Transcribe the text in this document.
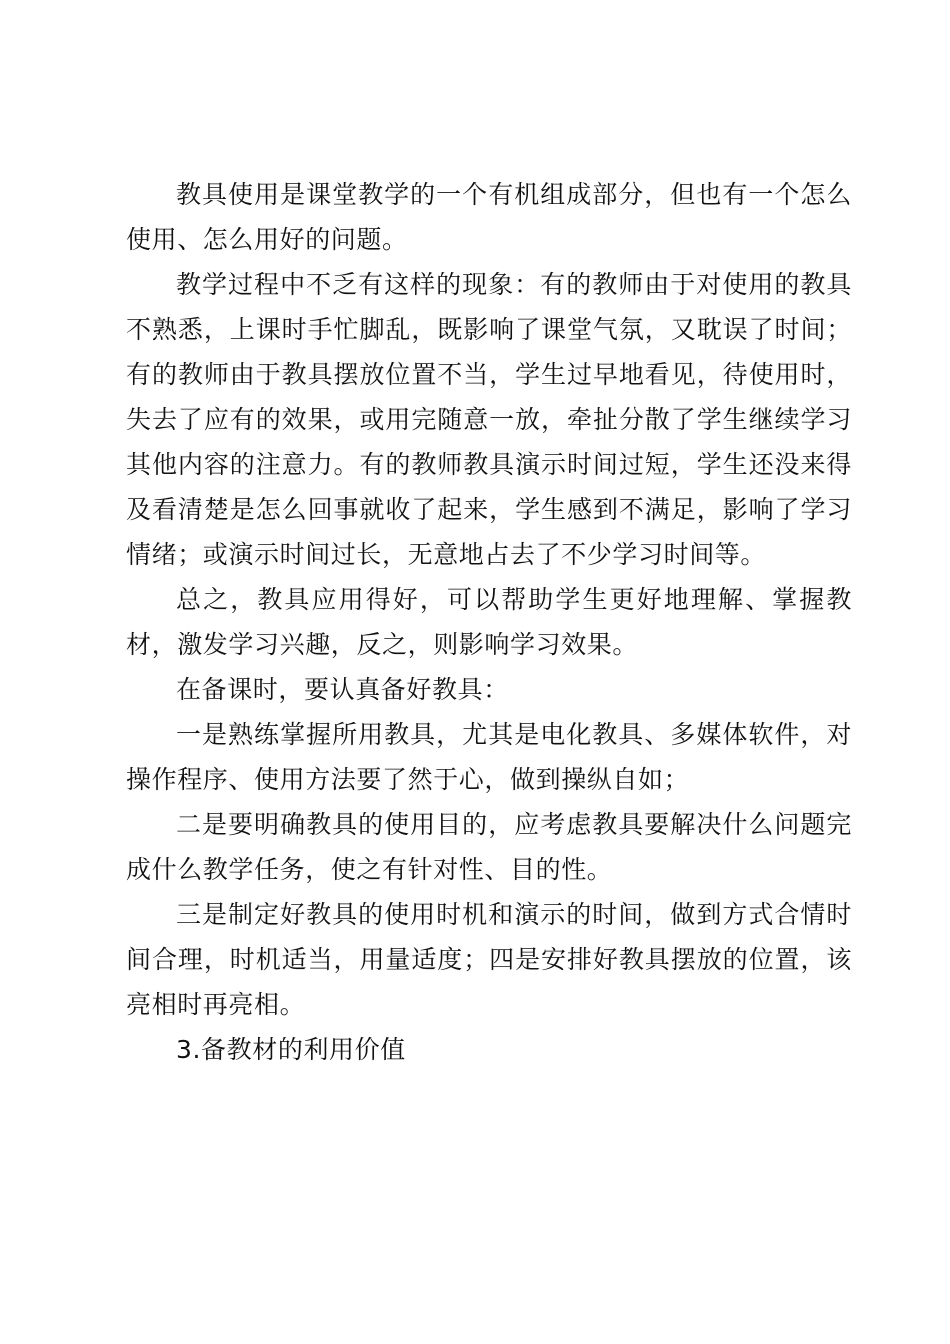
教具使用是课堂教学的一个有机组成部分，但也有一个怎么使用、怎么用好的问题。

教学过程中不乏有这样的现象：有的教师由于对使用的教具不熟悉，上课时手忙脚乱，既影响了课堂气氛，又耽误了时间；有的教师由于教具摆放位置不当，学生过早地看见，待使用时，失去了应有的效果，或用完随意一放，牵扯分散了学生继续学习其他内容的注意力。有的教师教具演示时间过短，学生还没来得及看清楚是怎么回事就收了起来，学生感到不满足，影响了学习情绪；或演示时间过长，无意地占去了不少学习时间等。

总之，教具应用得好，可以帮助学生更好地理解、掌握教材，激发学习兴趣，反之，则影响学习效果。

在备课时，要认真备好教具：

一是熟练掌握所用教具，尤其是电化教具、多媒体软件，对操作程序、使用方法要了然于心，做到操纵自如；

二是要明确教具的使用目的，应考虑教具要解决什么问题完成什么教学任务，使之有针对性、目的性。

三是制定好教具的使用时机和演示的时间，做到方式合情时间合理，时机适当，用量适度；四是安排好教具摆放的位置，该亮相时再亮相。

3.备教材的利用价值
